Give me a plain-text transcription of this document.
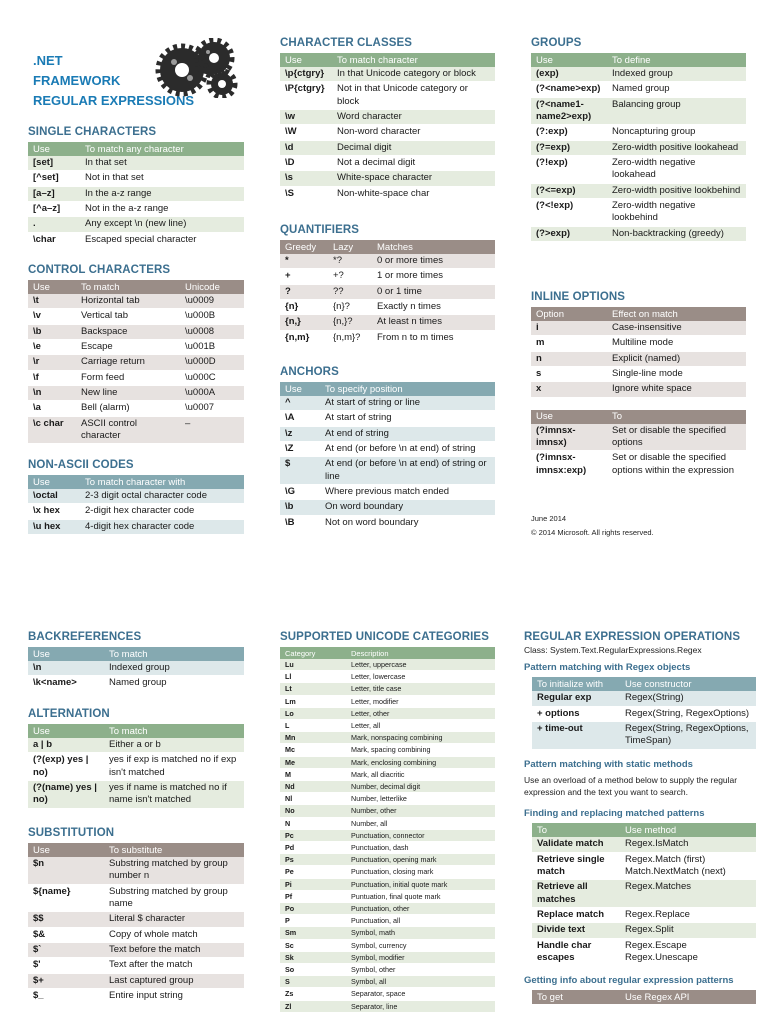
.NET
FRAMEWORK
REGULAR EXPRESSIONS
SINGLE CHARACTERS
Use	To match any character
[set]	In that set
[^set]	Not in that set
[a–z]	In the a-z range
[^a–z]	Not in the a-z range
.	Any except \n (new line)
\char	Escaped special character
CONTROL CHARACTERS
Use	To match	Unicode
\t	Horizontal tab	\u0009
\v	Vertical tab	\u000B
\b	Backspace	\u0008
\e	Escape	\u001B
\r	Carriage return	\u000D
\f	Form feed	\u000C
\n	New line	\u000A
\a	Bell (alarm)	\u0007
\c char	ASCII control character	–
NON-ASCII CODES
Use	To match character with
\octal	2-3 digit octal character code
\x hex	2-digit hex character code
\u hex	4-digit hex character code
CHARACTER CLASSES
Use	To match character
\p{ctgry}	In that Unicode category or block
\P{ctgry}	Not in that Unicode category or block
\w	Word character
\W	Non-word character
\d	Decimal digit
\D	Not a decimal digit
\s	White-space character
\S	Non-white-space char
QUANTIFIERS
Greedy	Lazy	Matches
*	*?	0 or more times
+	+?	1 or more times
?	??	0 or 1 time
{n}	{n}?	Exactly n times
{n,}	{n,}?	At least n times
{n,m}	{n,m}?	From n to m times
ANCHORS
Use	To specify position
^	At start of string or line
\A	At start of string
\z	At end of string
\Z	At end (or before \n at end) of string
$	At end (or before \n at end) of string or line
\G	Where previous match ended
\b	On word boundary
\B	Not on word boundary
GROUPS
Use	To define
(exp)	Indexed group
(?<name>exp)	Named group
(?<name1-name2>exp)	Balancing group
(?:exp)	Noncapturing group
(?=exp)	Zero-width positive lookahead
(?!exp)	Zero-width negative lookahead
(?<=exp)	Zero-width positive lookbehind
(?<!exp)	Zero-width negative lookbehind
(?>exp)	Non-backtracking (greedy)
INLINE OPTIONS
Option	Effect on match
i	Case-insensitive
m	Multiline mode
n	Explicit (named)
s	Single-line mode
x	Ignore white space
Use	To
(?imnsx-imnsx)	Set or disable the specified options
(?imnsx-imnsx:exp)	Set or disable the specified options within the expression
June 2014
© 2014 Microsoft. All rights reserved.
BACKREFERENCES
Use	To match
\n	Indexed group
\k<name>	Named group
ALTERNATION
Use	To match
a | b	Either a or b
(?(exp) yes | no)	yes if exp is matched no if exp isn't matched
(?(name) yes | no)	yes if name is matched no if name isn't matched
SUBSTITUTION
Use	To substitute
$n	Substring matched by group number n
${name}	Substring matched by group name
$$	Literal $ character
$&	Copy of whole match
$`	Text before the match
$'	Text after the match
$+	Last captured group
$_	Entire input string
SUPPORTED UNICODE CATEGORIES
Category	Description
Lu	Letter, uppercase
Ll	Letter, lowercase
Lt	Letter, title case
Lm	Letter, modifier
Lo	Letter, other
L	Letter, all
Mn	Mark, nonspacing combining
Mc	Mark, spacing combining
Me	Mark, enclosing combining
M	Mark, all diacritic
Nd	Number, decimal digit
Nl	Number, letterlike
No	Number, other
N	Number, all
Pc	Punctuation, connector
Pd	Punctuation, dash
Ps	Punctuation, opening mark
Pe	Punctuation, closing mark
Pi	Punctuation, initial quote mark
Pf	Puntuation, final quote mark
Po	Punctuation, other
P	Punctuation, all
Sm	Symbol, math
Sc	Symbol, currency
Sk	Symbol, modifier
So	Symbol, other
S	Symbol, all
Zs	Separator, space
Zl	Separator, line
REGULAR EXPRESSION OPERATIONS
Class: System.Text.RegularExpressions.Regex
Pattern matching with Regex objects
To initialize with	Use constructor
Regular exp	Regex(String)
+ options	Regex(String, RegexOptions)
+ time-out	Regex(String, RegexOptions, TimeSpan)
Pattern matching with static methods
Use an overload of a method below to supply the regular expression and the text you want to search.
Finding and replacing matched patterns
To	Use method
Validate match	Regex.IsMatch
Retrieve single match	Regex.Match (first) Match.NextMatch (next)
Retrieve all matches	Regex.Matches
Replace match	Regex.Replace
Divide text	Regex.Split
Handle char escapes	Regex.Escape Regex.Unescape
Getting info about regular expression patterns
To get	Use Regex API
